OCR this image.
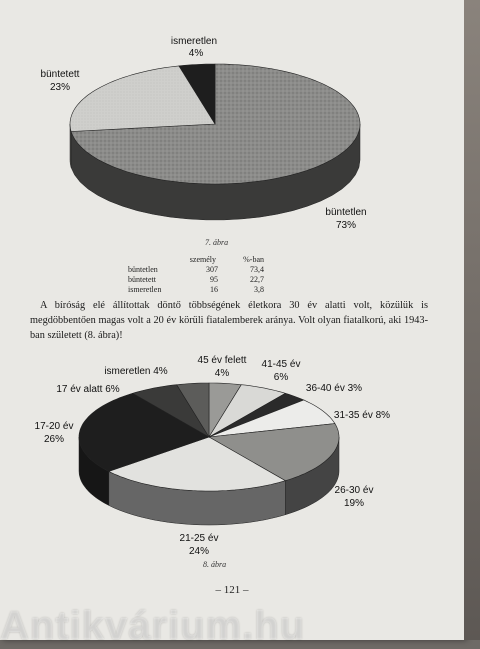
ismeretlen
4%
büntetett
23%
büntetlen
73%
7. ábra
	személy	%-ban
büntetlen	307	73,4
büntetett	95	22,7
ismeretlen	16	3,8
A bíróság elé állítottak döntő többségének életkora 30 év alatti volt, közülük is megdöbbentően magas volt a 20 év körüli fiatalemberek aránya. Volt olyan fiatalkorú, aki 1943-ban született (8. ábra)!
ismeretlen 4%
45 év felett
4%
41-45 év
6%
36-40 év 3%
31-35 év 8%
26-30 év
19%
21-25 év
24%
17-20 év
26%
17 év alatt 6%
8. ábra
– 121 –
Antikvárium.hu
